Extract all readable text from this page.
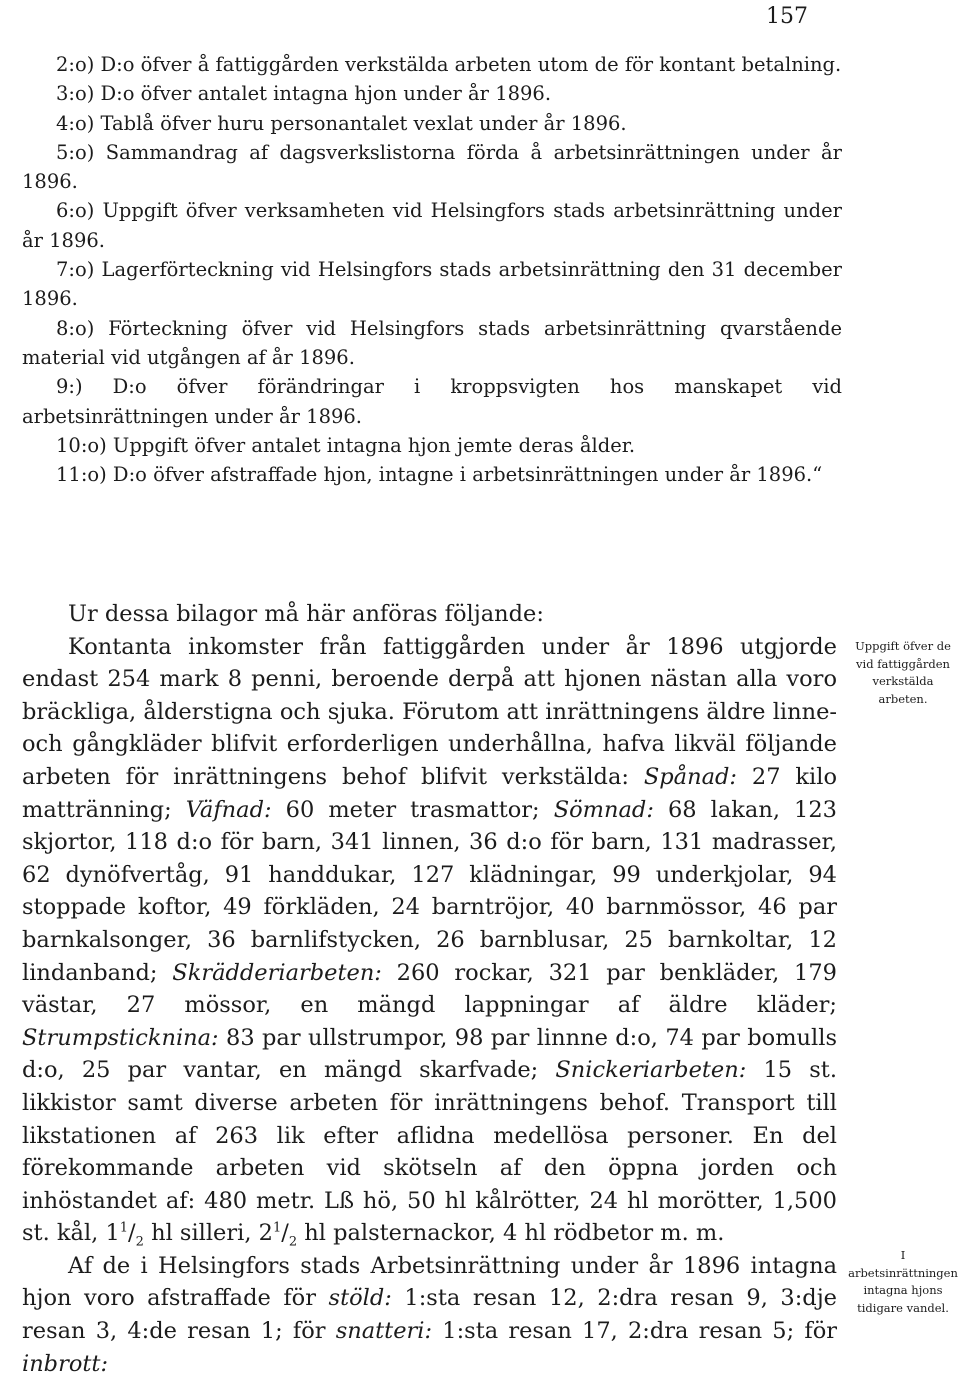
157

2:o) D:o öfver å fattiggården verkstälda arbeten utom de för kontant betalning.

3:o) D:o öfver antalet intagna hjon under år 1896.

4:o) Tablå öfver huru personantalet vexlat under år 1896.

5:o) Sammandrag af dagsverkslistorna förda å arbetsinrättningen under år 1896.

6:o) Uppgift öfver verksamheten vid Helsingfors stads arbetsinrättning under år 1896.

7:o) Lagerförteckning vid Helsingfors stads arbetsinrättning den 31 december 1896.

8:o) Förteckning öfver vid Helsingfors stads arbetsinrättning qvarstående material vid utgången af år 1896.

9:) D:o öfver förändringar i kroppsvigten hos manskapet vid arbetsinrättningen under år 1896.

10:o) Uppgift öfver antalet intagna hjon jemte deras ålder.

11:o) D:o öfver afstraffade hjon, intagne i arbetsinrättningen under år 1896.“

Ur dessa bilagor må här anföras följande:

Kontanta inkomster från fattiggården under år 1896 utgjorde endast 254 mark 8 penni, beroende derpå att hjonen nästan alla voro bräckliga, ålderstigna och sjuka. Förutom att inrättningens äldre linne- och gångkläder blifvit erforderligen underhållna, hafva likväl följande arbeten för inrättningens behof blifvit verkstälda: Spånad: 27 kilo mattränning; Väfnad: 60 meter trasmattor; Sömnad: 68 lakan, 123 skjortor, 118 d:o för barn, 341 linnen, 36 d:o för barn, 131 madrasser, 62 dynöfvertåg, 91 handdukar, 127 klädningar, 99 underkjolar, 94 stoppade koftor, 49 förkläden, 24 barntröjor, 40 barnmössor, 46 par barnkalsonger, 36 barnlifstycken, 26 barnblusar, 25 barnkoltar, 12 lindanband; Skrädderiarbeten: 260 rockar, 321 par benkläder, 179 västar, 27 mössor, en mängd lappningar af äldre kläder; Strumpsticknina: 83 par ullstrumpor, 98 par linnne d:o, 74 par bomulls d:o, 25 par vantar, en mängd skarfvade; Snickeriarbeten: 15 st. likkistor samt diverse arbeten för inrättningens behof. Transport till likstationen af 263 lik efter aflidna medellösa personer. En del förekommande arbeten vid skötseln af den öppna jorden och inhöstandet af: 480 metr. Lß hö, 50 hl kålrötter, 24 hl morötter, 1,500 st. kål, $1^1/_2$ hl silleri, $2^1/_2$ hl palsternackor, 4 hl rödbetor m. m.

Af de i Helsingfors stads Arbetsinrättning under år 1896 intagna hjon voro afstraffade för stöld: 1:sta resan 12, 2:dra resan 9, 3:dje resan 3, 4:de resan 1; för snatteri: 1:sta resan 17, 2:dra resan 5; för inbrott:

Uppgift öfver de vid fattiggården verkstälda arbeten.
I arbetsinrättningen intagna hjons tidigare vandel.
